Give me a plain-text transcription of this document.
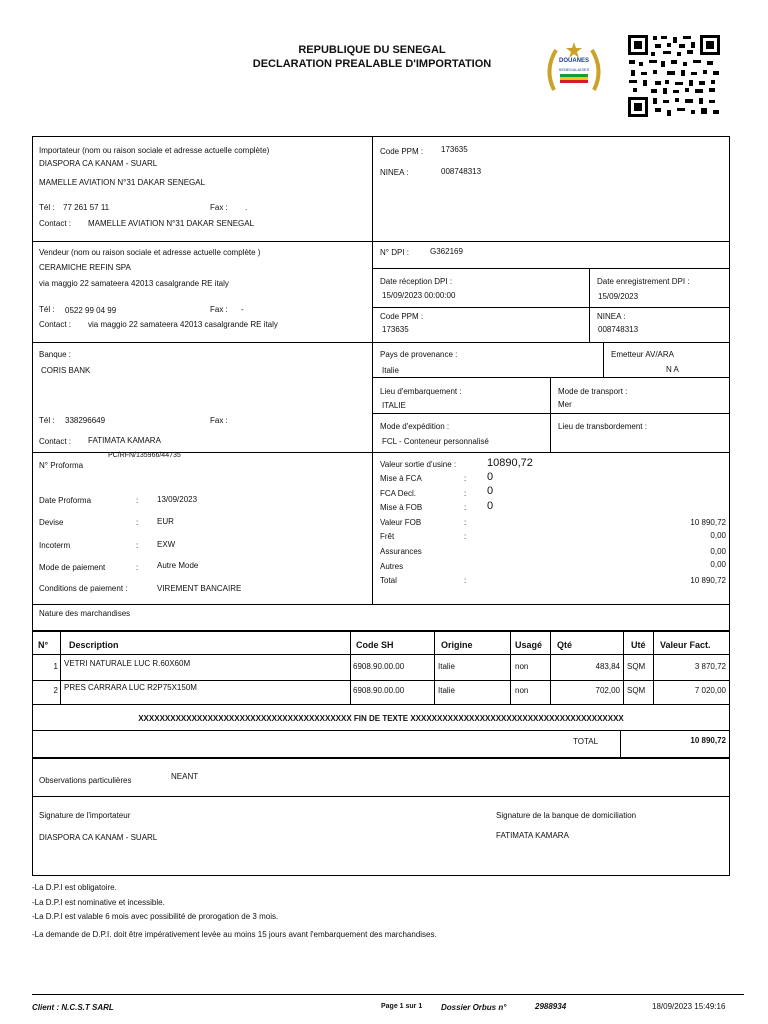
REPUBLIQUE DU SENEGAL
DECLARATION PREALABLE D'IMPORTATION	DOUANES
SENEGALAISES
Importateur (nom ou raison sociale et adresse actuelle complète)
DIASPORA CA KANAM - SUARL
MAMELLE AVIATION N°31 DAKAR SENEGAL
Tél : 77 261 57 11	Fax : .
Contact : MAMELLE AVIATION N°31 DAKAR SENEGAL
Code PPM : 173635
NINEA :	008748313
Vendeur (nom ou raison sociale et adresse actuelle complète )
CERAMICHE REFIN SPA
via maggio 22 samateera 42013 casalgrande RE italy
Tél : 0522 99 04 99	Fax : -
Contact : via maggio 22 samateera 42013 casalgrande RE italy
N° DPI :	G362169
Date réception DPI :
15/09/2023 00:00:00
Date enregistrement DPI :
15/09/2023
Code PPM :
173635
NINEA :
008748313
Banque :
CORIS BANK
Tél : 338296649	Fax :
Contact : FATIMATA KAMARA
Pays de provenance :
Italie
Emetteur AV/ARA
N A
Lieu d'embarquement :
ITALIE
Mode de transport :
Mer
Mode d'expédition :
FCL - Conteneur personnalisé
Lieu de transbordement :
PC/RFN/135966/44735
N° Proforma
Date Proforma	: 13/09/2023
Devise	: EUR
Incoterm	: EXW
Mode de paiement	: Autre Mode
Conditions de paiement :	VIREMENT BANCAIRE
Valeur sortie d'usine :	10890,72
Mise à FCA	: 0
FCA Decl.	: 0
Mise à FOB	: 0
Valeur FOB	:	10 890,72
Frêt	:	0,00
Assurances	0,00
Autres	0,00
Total	:	10 890,72
Nature des marchandises
N° Description	Code SH	Origine	Usagé Qté	Uté Valeur Fact.
1 VETRI NATURALE LUC R.60X60M	6908.90.00.00	Italie	non	483,84 SQM	3 870,72
2 PRES CARRARA LUC R2P75X150M	6908.90.00.00	Italie	non	702,00 SQM	7 020,00
XXXXXXXXXXXXXXXXXXXXXXXXXXXXXXXXXXXXXXXX FIN DE TEXTE XXXXXXXXXXXXXXXXXXXXXXXXXXXXXXXXXXXXXXXX
TOTAL	10 890,72
Observations particulières	NEANT
Signature de l'importateur
DIASPORA CA KANAM - SUARL
Signature de la banque de domiciliation
FATIMATA KAMARA
-La D.P.I est obligatoire.
-La D.P.I est nominative et incessible.
-La D.P.I est valable 6 mois avec possibilité de prorogation de 3 mois.
-La demande de D.P.I. doit être impérativement levée au moins 15 jours avant l'embarquement des marchandises.
Client : N.C.S.T SARL	Page 1 sur 1 Dossier Orbus n°	2988934	18/09/2023 15:49:16
